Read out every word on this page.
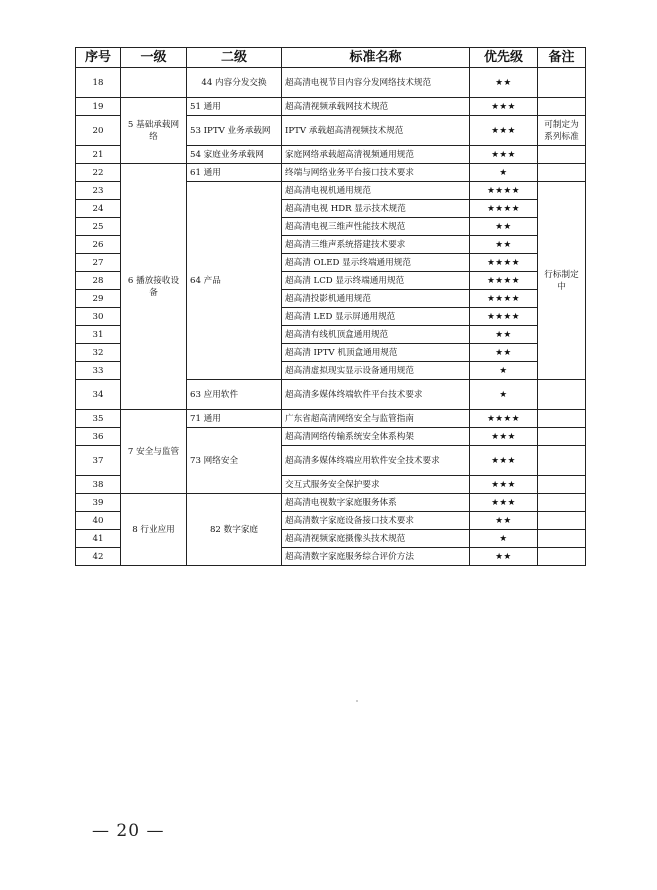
序号	一级	二级	标准名称	优先级	备注
18		44 内容分发交换	超高清电视节目内容分发网络技术规范	★★	
19	5 基础承载网络	51 通用	超高清视频承载网技术规范	★★★	
20		53 IPTV 业务承载网	IPTV 承载超高清视频技术规范	★★★	可制定为系列标准
21		54 家庭业务承载网	家庭网络承载超高清视频通用规范	★★★	
22	6 播放接收设备	61 通用	终端与网络业务平台接口技术要求	★	
23		64 产品	超高清电视机通用规范	★★★★	行标制定中
24			超高清电视 HDR 显示技术规范	★★★★	
25			超高清电视三维声性能技术规范	★★	
26			超高清三维声系统搭建技术要求	★★	
27			超高清 OLED 显示终端通用规范	★★★★	
28			超高清 LCD 显示终端通用规范	★★★★	
29			超高清投影机通用规范	★★★★	
30			超高清 LED 显示屏通用规范	★★★★	
31			超高清有线机顶盒通用规范	★★	
32			超高清 IPTV 机顶盒通用规范	★★	
33			超高清虚拟现实显示设备通用规范	★	
34		63 应用软件	超高清多媒体终端软件平台技术要求	★	
35	7 安全与监管	71 通用	广东省超高清网络安全与监管指南	★★★★	
36		73 网络安全	超高清网络传输系统安全体系构架	★★★	
37			超高清多媒体终端应用软件安全技术要求	★★★	
38			交互式服务安全保护要求	★★★	
39	8 行业应用	82 数字家庭	超高清电视数字家庭服务体系	★★★	
40			超高清数字家庭设备接口技术要求	★★	
41			超高清视频家庭摄像头技术规范	★	
42			超高清数字家庭服务综合评价方法	★★	
— 20 —
